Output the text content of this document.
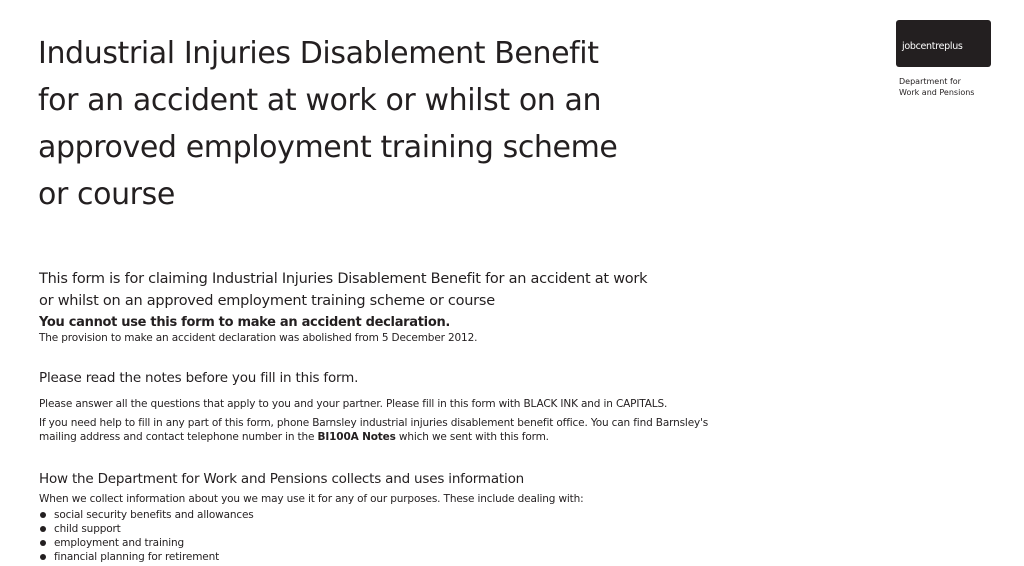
Industrial Injuries Disablement Benefit
for an accident at work or whilst on an
approved employment training scheme
or course
jobcentreplus
Department for
Work and Pensions

This form is for claiming Industrial Injuries Disablement Benefit for an accident at work
or whilst on an approved employment training scheme or course

You cannot use this form to make an accident declaration.
The provision to make an accident declaration was abolished from 5 December 2012.
Please read the notes before you fill in this form.
Please answer all the questions that apply to you and your partner. Please fill in this form with BLACK INK and in CAPITALS.
If you need help to fill in any part of this form, phone Barnsley industrial injuries disablement benefit office. You can find Barnsley's
mailing address and contact telephone number in the BI100A Notes which we sent with this form.
How the Department for Work and Pensions collects and uses information
When we collect information about you we may use it for any of our purposes. These include dealing with:
social security benefits and allowances
child support
employment and training
financial planning for retirement
